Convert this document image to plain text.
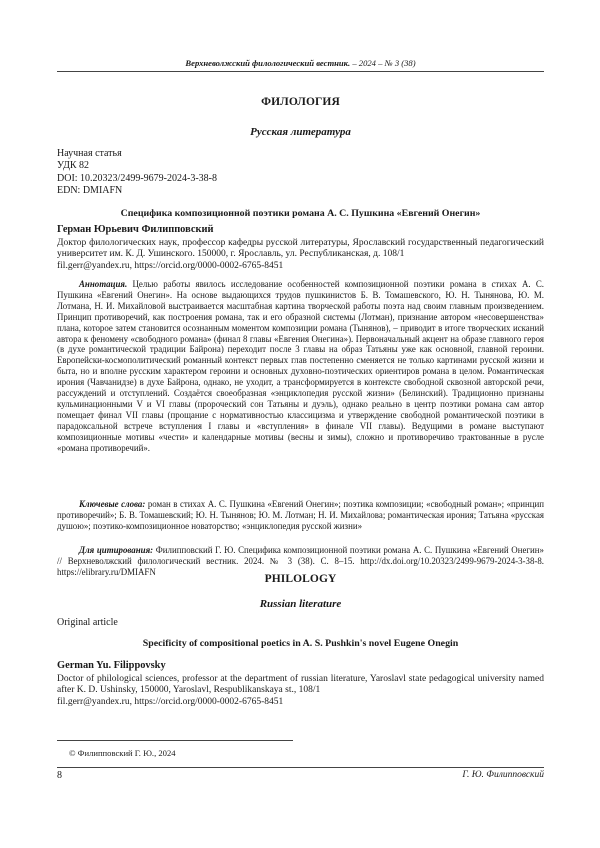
Верхневолжский филологический вестник. – 2024 – № 3 (38)
ФИЛОЛОГИЯ
Русская литература
Научная статья
УДК 82
DOI: 10.20323/2499-9679-2024-3-38-8
EDN: DMIAFN
Специфика композиционной поэтики романа А. С. Пушкина «Евгений Онегин»
Герман Юрьевич Филипповский
Доктор филологических наук, профессор кафедры русской литературы, Ярославский государственный педагогический университет им. К. Д. Ушинского. 150000, г. Ярославль, ул. Республиканская, д. 108/1
fil.gerr@yandex.ru, https://orcid.org/0000-0002-6765-8451
Аннотация. Целью работы явилось исследование особенностей композиционной поэтики романа в стихах А. С. Пушкина «Евгений Онегин». На основе выдающихся трудов пушкинистов Б. В. Томашевского, Ю. Н. Тынянова, Ю. М. Лотмана, Н. И. Михайловой выстраивается масштабная картина творческой работы поэта над своим главным произведением. Принцип противоречий, как построения романа, так и его образной системы (Лотман), признание автором «несовершенства» плана, которое затем становится осознанным моментом композиции романа (Тынянов), – приводит в итоге творческих исканий автора к феномену «свободного романа» (финал 8 главы «Евгения Онегина»). Первоначальный акцент на образе главного героя (в духе романтической традиции Байрона) переходит после 3 главы на образ Татьяны уже как основной, главной героини. Европейски-космополитический романный контекст первых глав постепенно сменяется не только картинами русской жизни и быта, но и вполне русским характером героини и основных духовно-поэтических ориентиров романа в целом. Романтическая ирония (Чавчанидзе) в духе Байрона, однако, не уходит, а трансформируется в контексте свободной сквозной авторской речи, рассуждений и отступлений. Создаётся своеобразная «энциклопедия русской жизни» (Белинский). Традиционно признаны кульминационными V и VI главы (пророческий сон Татьяны и дуэль), однако реально в центр поэтики романа сам автор помещает финал VII главы (прощание с нормативностью классицизма и утверждение свободной романтической поэтики в парадоксальной встрече вступления I главы и «вступления» в финале VII главы). Ведущими в романе выступают композиционные мотивы «чести» и календарные мотивы (весны и зимы), сложно и противоречиво трактованные в русле «романа противоречий».
Ключевые слова: роман в стихах А. С. Пушкина «Евгений Онегин»; поэтика композиции; «свободный роман»; «принцип противоречий»; Б. В. Томашевский; Ю. Н. Тынянов; Ю. М. Лотман; Н. И. Михайлова; романтическая ирония; Татьяна «русская душою»; поэтико-композиционное новаторство; «энциклопедия русской жизни»
Для цитирования: Филипповский Г. Ю. Специфика композиционной поэтики романа А. С. Пушкина «Евгений Онегин» // Верхневолжский филологический вестник. 2024. № 3 (38). С. 8–15. http://dx.doi.org/10.20323/2499-9679-2024-3-38-8. https://elibrary.ru/DMIAFN
PHILOLOGY
Russian literature
Original article
Specificity of compositional poetics in A. S. Pushkin's novel Eugene Onegin
German Yu. Filippovsky
Doctor of philological sciences, professor at the department of russian literature, Yaroslavl state pedagogical university named after K. D. Ushinsky, 150000, Yaroslavl, Respublikanskaya st., 108/1
fil.gerr@yandex.ru, https://orcid.org/0000-0002-6765-8451
© Филипповский Г. Ю., 2024
8	Г. Ю. Филипповский
